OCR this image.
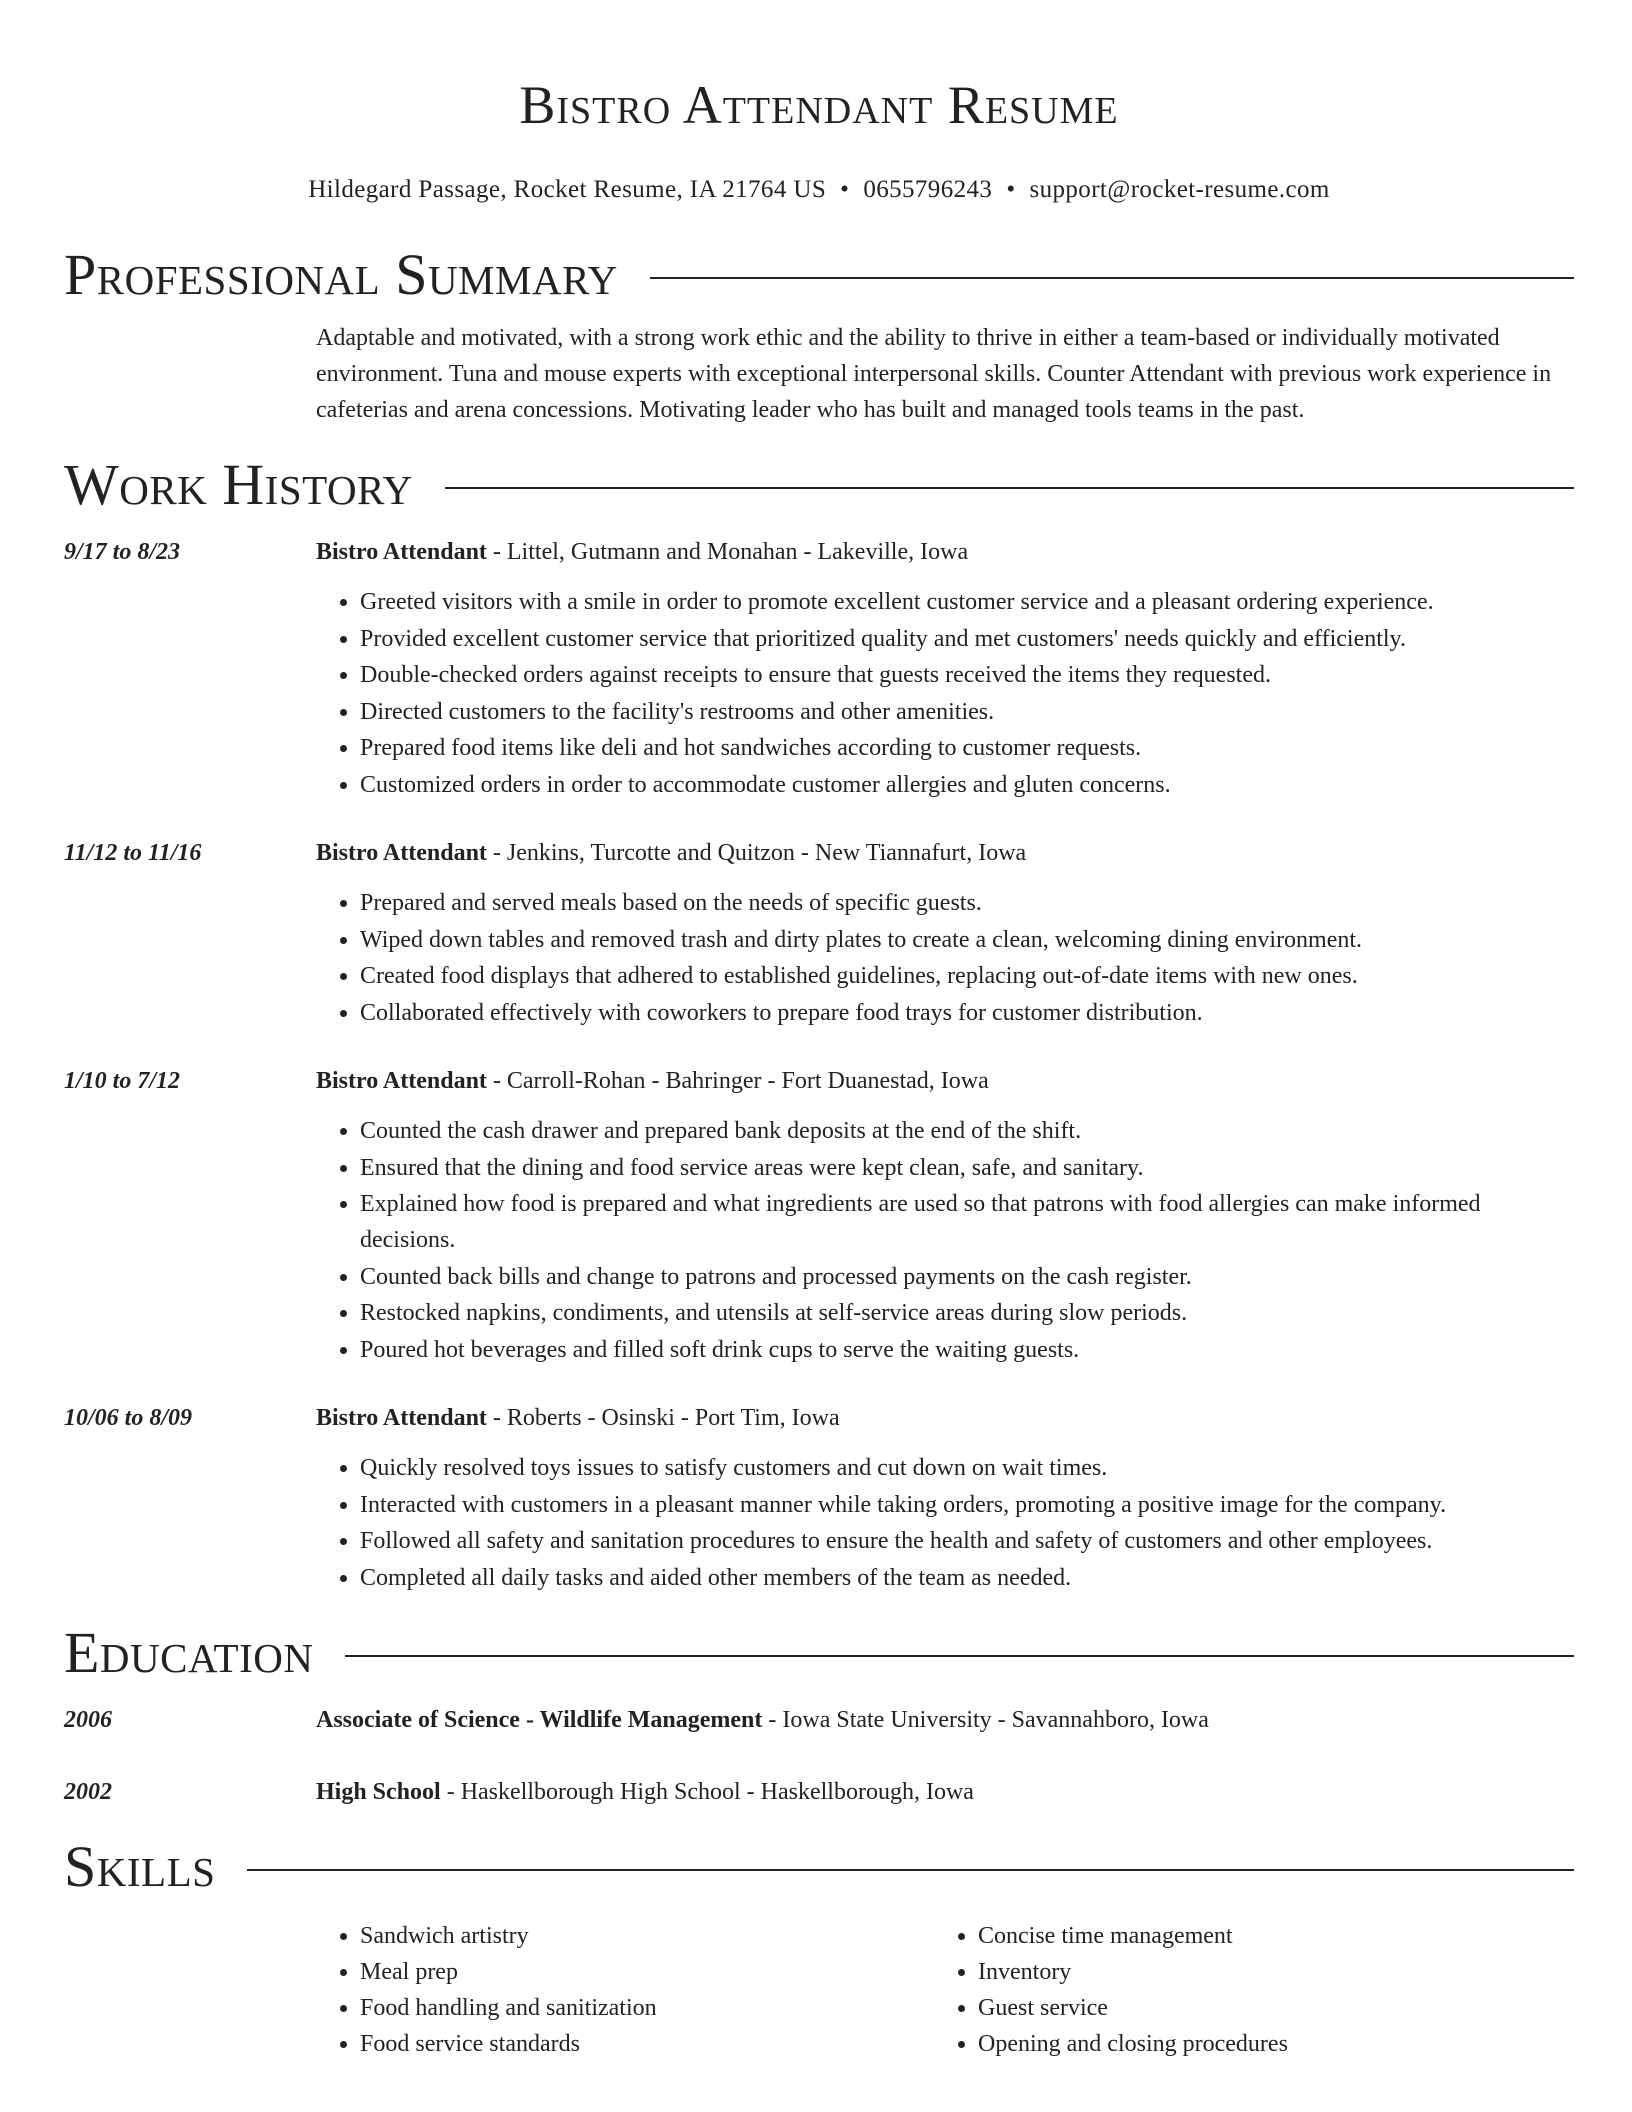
Bistro Attendant Resume
Hildegard Passage, Rocket Resume, IA 21764 US • 0655796243 • support@rocket-resume.com
Professional Summary

Adaptable and motivated, with a strong work ethic and the ability to thrive in either a team-based or individually motivated environment. Tuna and mouse experts with exceptional interpersonal skills. Counter Attendant with previous work experience in cafeterias and arena concessions. Motivating leader who has built and managed tools teams in the past.

Work History
9/17 to 8/23	Bistro Attendant - Littel, Gutmann and Monahan - Lakeville, Iowa
• Greeted visitors with a smile in order to promote excellent customer service and a pleasant ordering experience.
• Provided excellent customer service that prioritized quality and met customers' needs quickly and efficiently.
• Double-checked orders against receipts to ensure that guests received the items they requested.
• Directed customers to the facility's restrooms and other amenities.
• Prepared food items like deli and hot sandwiches according to customer requests.
• Customized orders in order to accommodate customer allergies and gluten concerns.
11/12 to 11/16	Bistro Attendant - Jenkins, Turcotte and Quitzon - New Tiannafurt, Iowa
• Prepared and served meals based on the needs of specific guests.
• Wiped down tables and removed trash and dirty plates to create a clean, welcoming dining environment.
• Created food displays that adhered to established guidelines, replacing out-of-date items with new ones.
• Collaborated effectively with coworkers to prepare food trays for customer distribution.
1/10 to 7/12	Bistro Attendant - Carroll-Rohan - Bahringer - Fort Duanestad, Iowa
• Counted the cash drawer and prepared bank deposits at the end of the shift.
• Ensured that the dining and food service areas were kept clean, safe, and sanitary.
• Explained how food is prepared and what ingredients are used so that patrons with food allergies can make informed decisions.
• Counted back bills and change to patrons and processed payments on the cash register.
• Restocked napkins, condiments, and utensils at self-service areas during slow periods.
• Poured hot beverages and filled soft drink cups to serve the waiting guests.
10/06 to 8/09	Bistro Attendant - Roberts - Osinski - Port Tim, Iowa
• Quickly resolved toys issues to satisfy customers and cut down on wait times.
• Interacted with customers in a pleasant manner while taking orders, promoting a positive image for the company.
• Followed all safety and sanitation procedures to ensure the health and safety of customers and other employees.
• Completed all daily tasks and aided other members of the team as needed.
Education
2006	Associate of Science - Wildlife Management - Iowa State University - Savannahboro, Iowa
2002	High School - Haskellborough High School - Haskellborough, Iowa
Skills
• Sandwich artistry
• Meal prep
• Food handling and sanitization
• Food service standards
• Concise time management
• Inventory
• Guest service
• Opening and closing procedures
